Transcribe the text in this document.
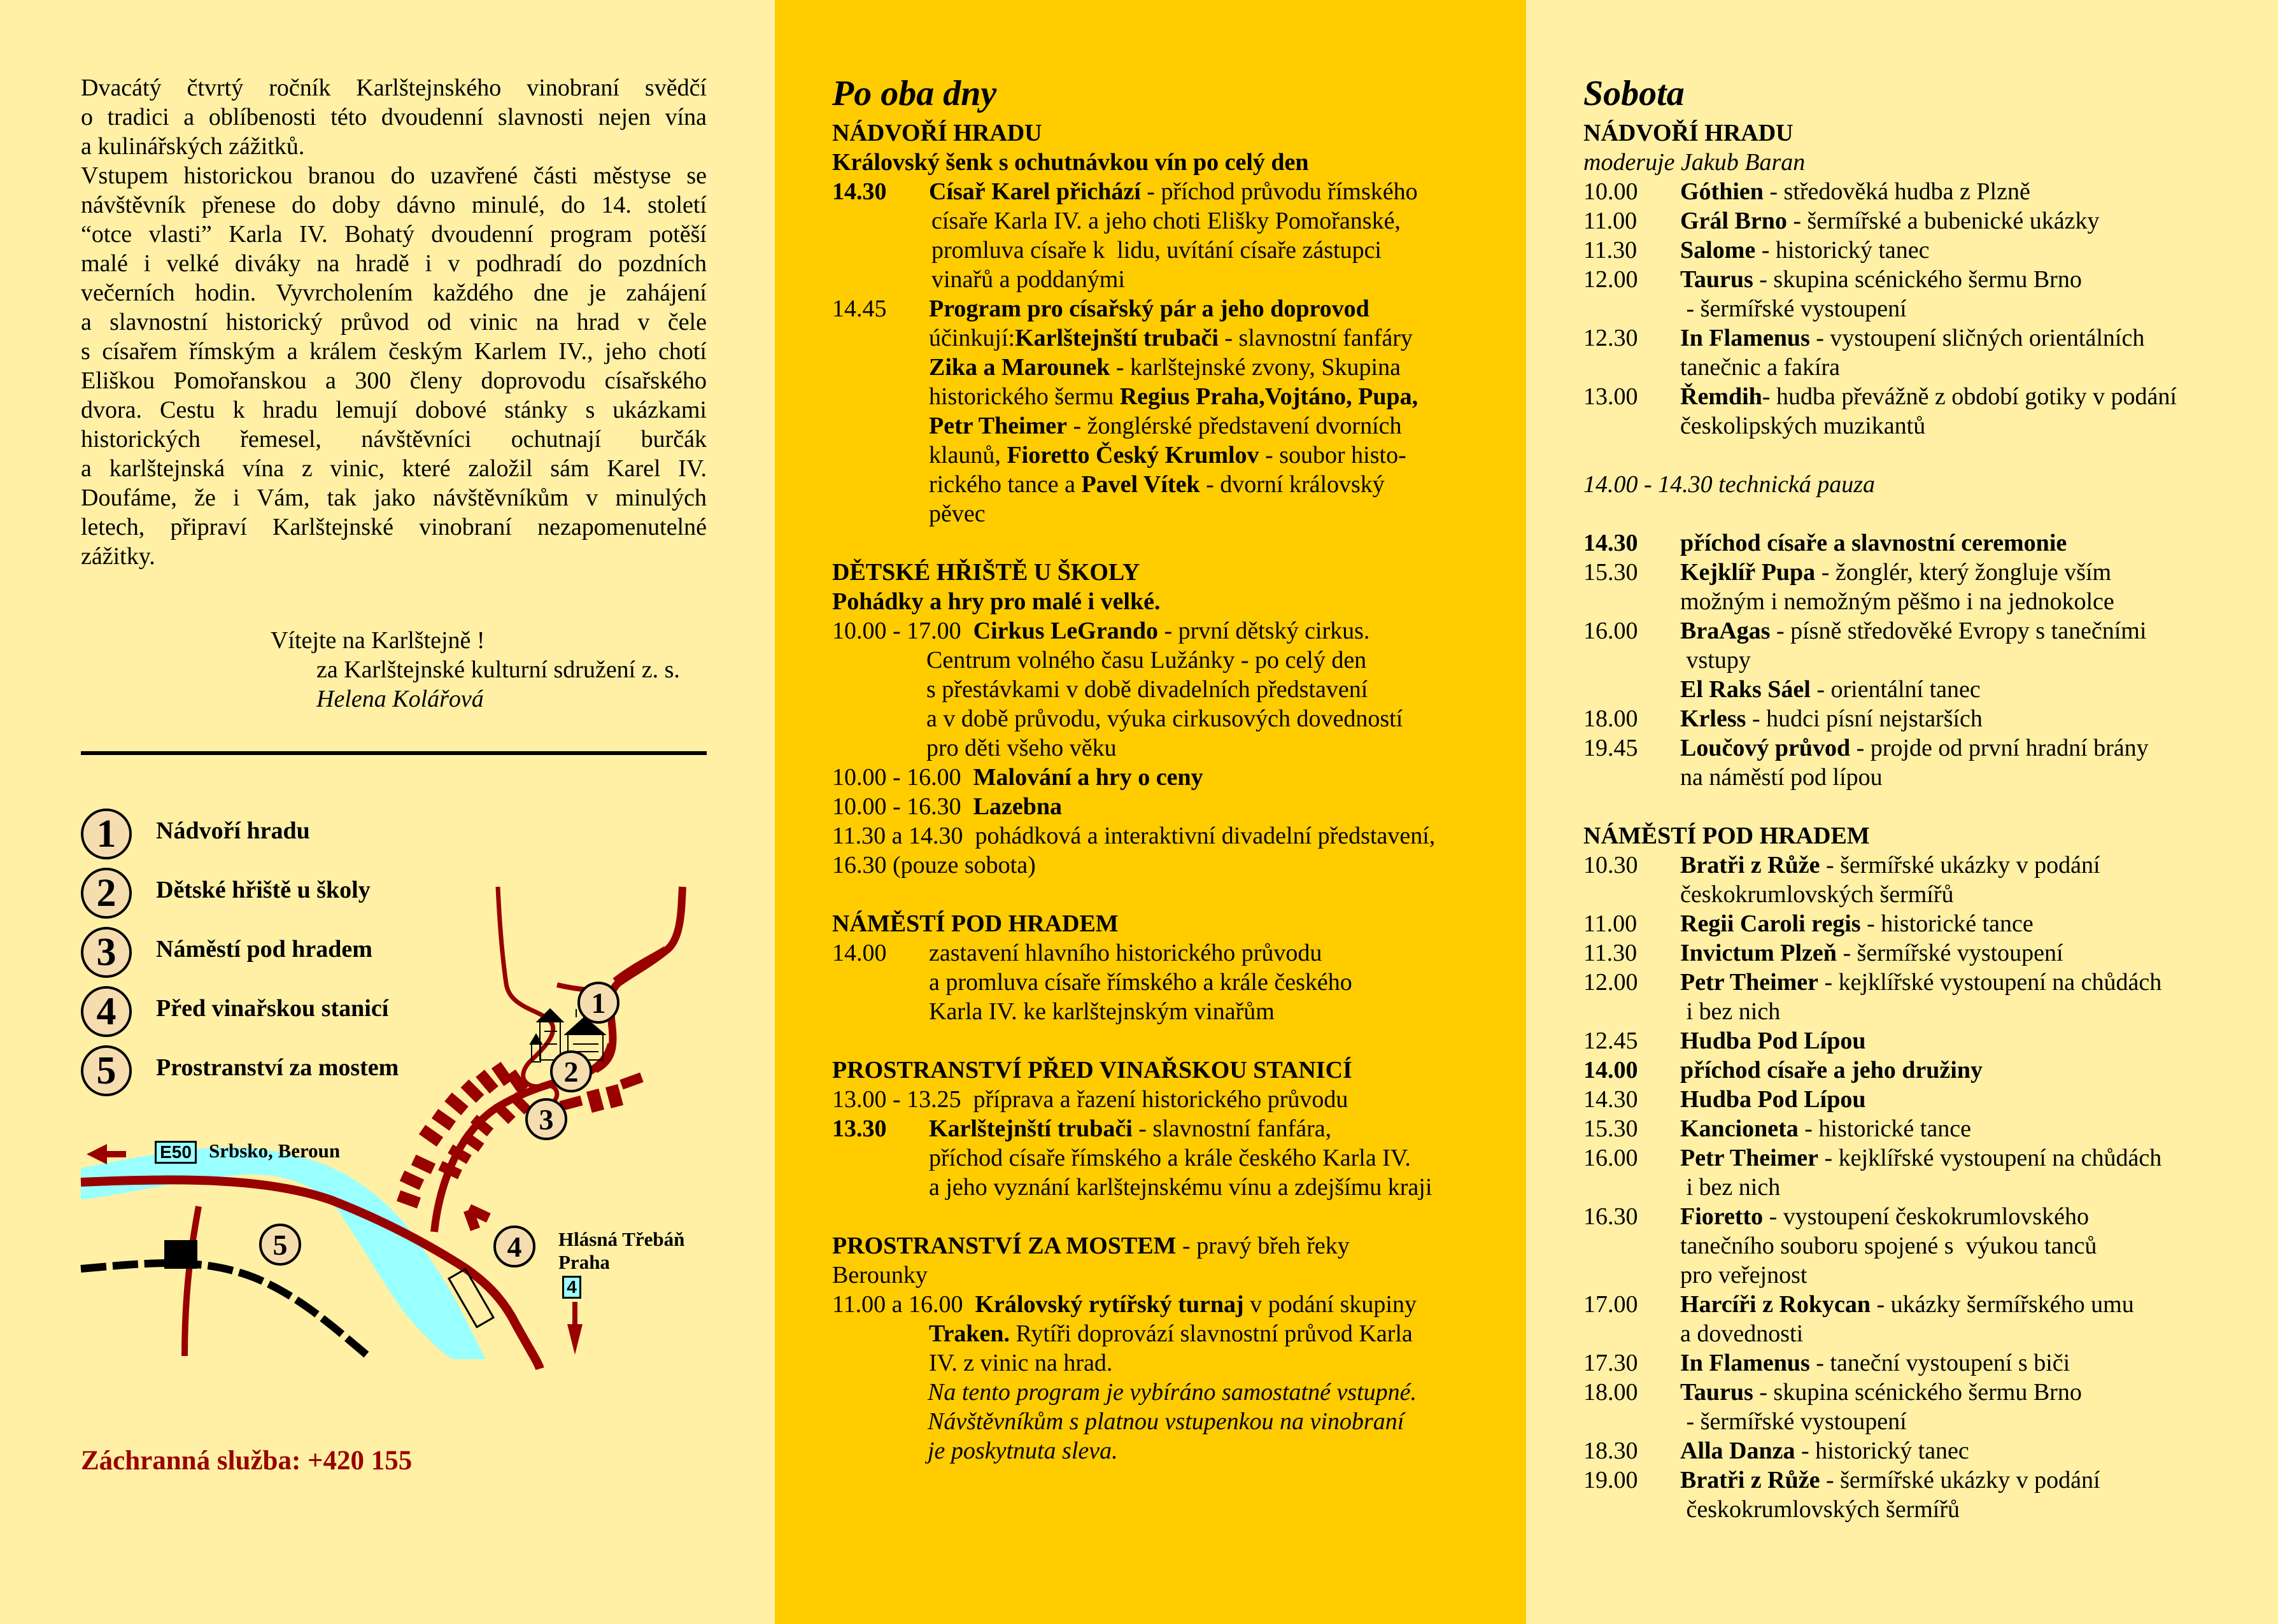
Dvacátý čtvrtý ročník Karlštejnského vinobraní svědčí
o tradici a oblíbenosti této dvoudenní slavnosti nejen vína
a kulinářských zážitků.
Vstupem historickou branou do uzavřené části městyse se
návštěvník přenese do doby dávno minulé, do 14. století
“otce vlasti” Karla IV. Bohatý dvoudenní program potěší
malé i velké diváky na hradě i v podhradí do pozdních
večerních hodin. Vyvrcholením každého dne je zahájení
a slavnostní historický průvod od vinic na hrad v čele
s císařem římským a králem českým Karlem IV., jeho chotí
Eliškou Pomořanskou a 300 členy doprovodu císařského
dvora. Cestu k hradu lemují dobové stánky s ukázkami
historických řemesel, návštěvníci ochutnají burčák
a karlštejnská vína z vinic, které založil sám Karel IV.
Doufáme, že i Vám, tak jako návštěvníkům v minulých
letech, připraví Karlštejnské vinobraní nezapomenutelné
zážitky.
Vítejte na Karlštejně !
za Karlštejnské kulturní sdružení z. s.
Helena Kolářová
1	Nádvoří hradu
2	Dětské hřiště u školy
3	Náměstí pod hradem
4	Před vinařskou stanicí
5	Prostranství za mostem
1
2
3
4
5
E50 Srbsko, Beroun
Hlásná Třebáň
Praha
4
Záchranná služba: +420 155
Po oba dny
NÁDVOŘÍ HRADU
Královský šenk s ochutnávkou vín po celý den
14.30 Císař Karel přichází - příchod průvodu římského
císaře Karla IV. a jeho choti Elišky Pomořanské,
promluva císaře k  lidu, uvítání císaře zástupci
vinařů a poddanými
14.45 Program pro císařský pár a jeho doprovod
účinkují:Karlštejnští trubači - slavnostní fanfáry
Zika a Marounek - karlštejnské zvony, Skupina
historického šermu Regius Praha,Vojtáno, Pupa,
Petr Theimer - žonglérské představení dvorních
klaunů, Fioretto Český Krumlov - soubor histo-
rického tance a Pavel Vítek - dvorní královský
pěvec
DĚTSKÉ HŘIŠTĚ U ŠKOLY
Pohádky a hry pro malé i velké.
10.00 - 17.00 Cirkus LeGrando - první dětský cirkus.
Centrum volného času Lužánky - po celý den
s přestávkami v době divadelních představení
a v době průvodu, výuka cirkusových dovedností
pro děti všeho věku
10.00 - 16.00 Malování a hry o ceny
10.00 - 16.30 Lazebna
11.30 a 14.30 pohádková a interaktivní divadelní představení,
16.30 (pouze sobota)
NÁMĚSTÍ POD HRADEM
14.00 zastavení hlavního historického průvodu
a promluva císaře římského a krále českého
Karla IV. ke karlštejnským vinařům
PROSTRANSTVÍ PŘED VINAŘSKOU STANICÍ
13.00 - 13.25 příprava a řazení historického průvodu
13.30 Karlštejnští trubači - slavnostní fanfára,
příchod císaře římského a krále českého Karla IV.
a jeho vyznání karlštejnskému vínu a zdejšímu kraji
PROSTRANSTVÍ ZA MOSTEM - pravý břeh řeky
Berounky
11.00 a 16.00 Královský rytířský turnaj v podání skupiny
Traken. Rytíři doprovází slavnostní průvod Karla
IV. z vinic na hrad.
Na tento program je vybíráno samostatné vstupné.
Návštěvníkům s platnou vstupenkou na vinobraní
je poskytnuta sleva.
Sobota
NÁDVOŘÍ HRADU
moderuje Jakub Baran
10.00 Góthien - středověká hudba z Plzně
11.00 Grál Brno - šermířské a bubenické ukázky
11.30 Salome - historický tanec
12.00 Taurus - skupina scénického šermu Brno
- šermířské vystoupení
12.30 In Flamenus - vystoupení sličných orientálních
tanečnic a fakíra
13.00 Řemdih- hudba převážně z období gotiky v podání
českolipských muzikantů
14.00 - 14.30 technická pauza
14.30 příchod císaře a slavnostní ceremonie
15.30 Kejklíř Pupa - žonglér, který žongluje vším
možným i nemožným pěšmo i na jednokolce
16.00 BraAgas - písně středověké Evropy s tanečními
vstupy
El Raks Sáel - orientální tanec
18.00 Krless - hudci písní nejstarších
19.45 Loučový průvod - projde od první hradní brány
na náměstí pod lípou
NÁMĚSTÍ POD HRADEM
10.30 Bratři z Růže - šermířské ukázky v podání
českokrumlovských šermířů
11.00 Regii Caroli regis - historické tance
11.30 Invictum Plzeň - šermířské vystoupení
12.00 Petr Theimer - kejklířské vystoupení na chůdách
i bez nich
12.45 Hudba Pod Lípou
14.00 příchod císaře a jeho družiny
14.30 Hudba Pod Lípou
15.30 Kancioneta - historické tance
16.00 Petr Theimer - kejklířské vystoupení na chůdách
i bez nich
16.30 Fioretto - vystoupení českokrumlovského
tanečního souboru spojené s  výukou tanců
pro veřejnost
17.00 Harcíři z Rokycan - ukázky šermířského umu
a dovednosti
17.30 In Flamenus - taneční vystoupení s biči
18.00 Taurus - skupina scénického šermu Brno
- šermířské vystoupení
18.30 Alla Danza - historický tanec
19.00 Bratři z Růže - šermířské ukázky v podání
českokrumlovských šermířů
